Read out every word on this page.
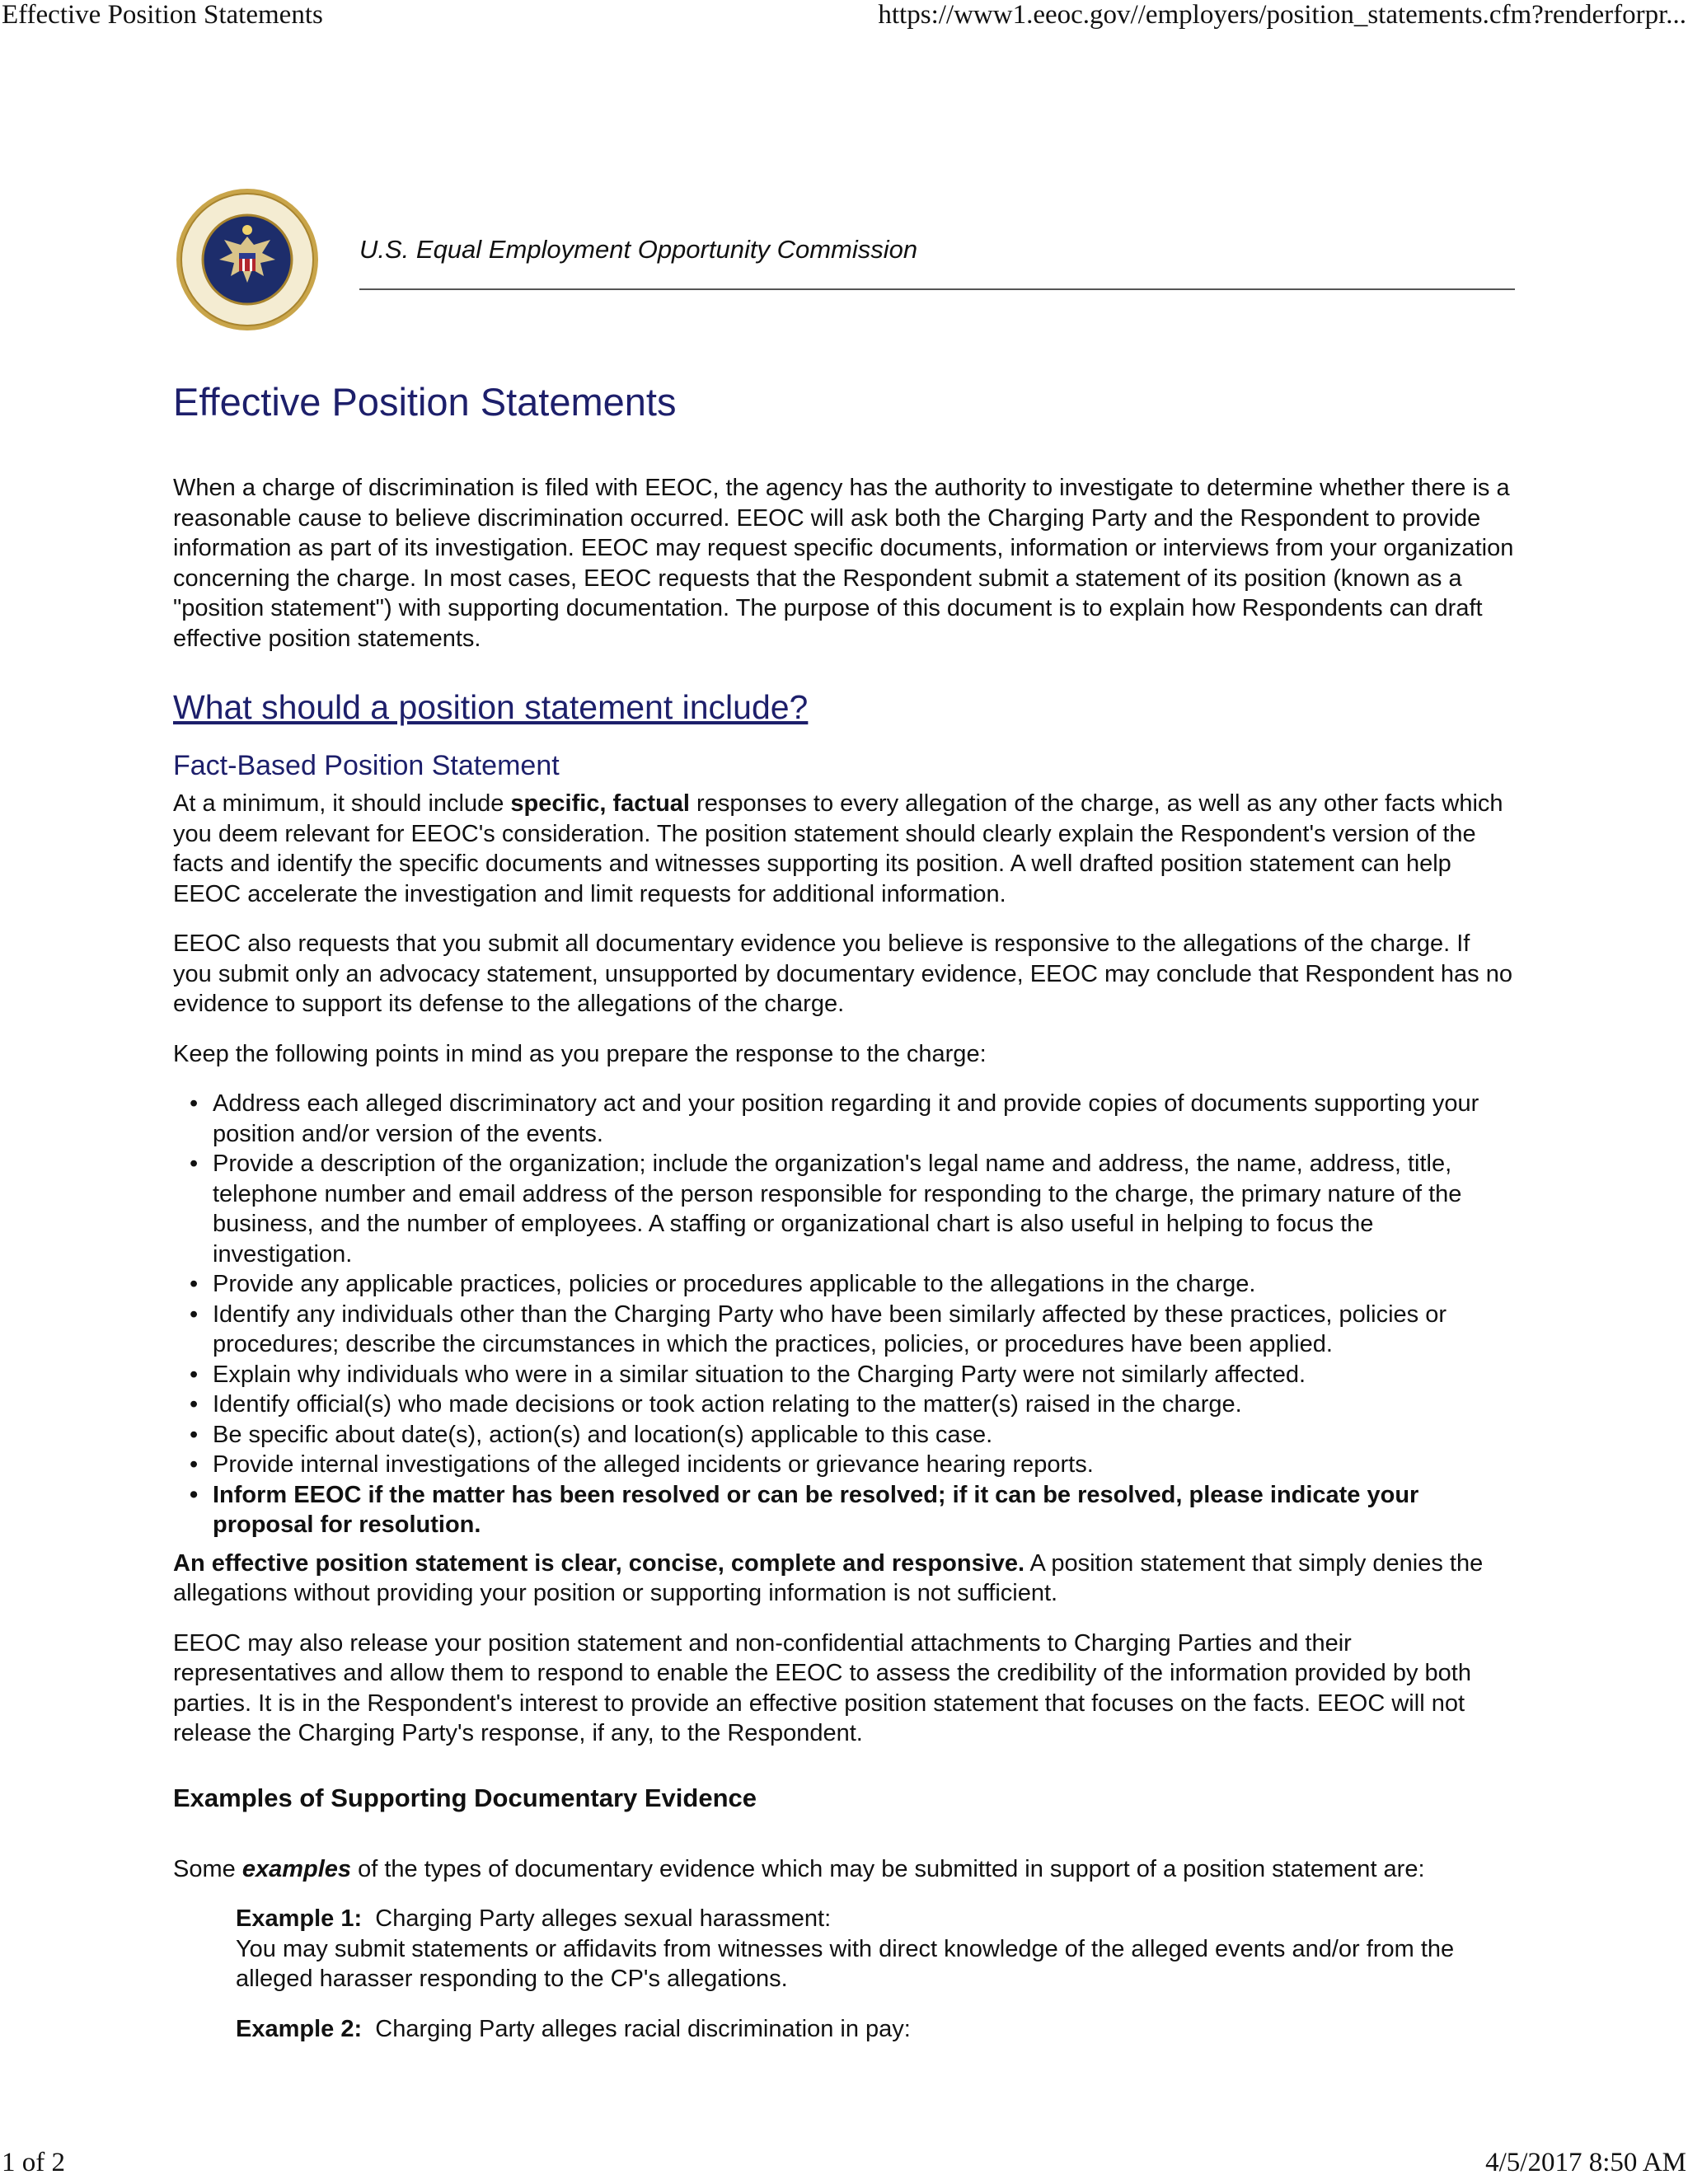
Effective Position Statements	https://www1.eeoc.gov//employers/position_statements.cfm?renderforpr...
U.S. Equal Employment Opportunity Commission
Effective Position Statements

When a charge of discrimination is filed with EEOC, the agency has the authority to investigate to determine whether there is a reasonable cause to believe discrimination occurred. EEOC will ask both the Charging Party and the Respondent to provide information as part of its investigation. EEOC may request specific documents, information or interviews from your organization concerning the charge. In most cases, EEOC requests that the Respondent submit a statement of its position (known as a "position statement") with supporting documentation. The purpose of this document is to explain how Respondents can draft effective position statements.

What should a position statement include?
Fact-Based Position Statement

At a minimum, it should include specific, factual responses to every allegation of the charge, as well as any other facts which you deem relevant for EEOC's consideration. The position statement should clearly explain the Respondent's version of the facts and identify the specific documents and witnesses supporting its position. A well drafted position statement can help EEOC accelerate the investigation and limit requests for additional information.

EEOC also requests that you submit all documentary evidence you believe is responsive to the allegations of the charge. If you submit only an advocacy statement, unsupported by documentary evidence, EEOC may conclude that Respondent has no evidence to support its defense to the allegations of the charge.

Keep the following points in mind as you prepare the response to the charge:

• Address each alleged discriminatory act and your position regarding it and provide copies of documents supporting your position and/or version of the events.
• Provide a description of the organization; include the organization's legal name and address, the name, address, title, telephone number and email address of the person responsible for responding to the charge, the primary nature of the business, and the number of employees. A staffing or organizational chart is also useful in helping to focus the investigation.
• Provide any applicable practices, policies or procedures applicable to the allegations in the charge.
• Identify any individuals other than the Charging Party who have been similarly affected by these practices, policies or procedures; describe the circumstances in which the practices, policies, or procedures have been applied.
• Explain why individuals who were in a similar situation to the Charging Party were not similarly affected.
• Identify official(s) who made decisions or took action relating to the matter(s) raised in the charge.
• Be specific about date(s), action(s) and location(s) applicable to this case.
• Provide internal investigations of the alleged incidents or grievance hearing reports.
• Inform EEOC if the matter has been resolved or can be resolved; if it can be resolved, please indicate your proposal for resolution.

An effective position statement is clear, concise, complete and responsive. A position statement that simply denies the allegations without providing your position or supporting information is not sufficient.

EEOC may also release your position statement and non-confidential attachments to Charging Parties and their representatives and allow them to respond to enable the EEOC to assess the credibility of the information provided by both parties. It is in the Respondent's interest to provide an effective position statement that focuses on the facts. EEOC will not release the Charging Party's response, if any, to the Respondent.

Examples of Supporting Documentary Evidence

Some examples of the types of documentary evidence which may be submitted in support of a position statement are:

Example 1:  Charging Party alleges sexual harassment:
You may submit statements or affidavits from witnesses with direct knowledge of the alleged events and/or from the alleged harasser responding to the CP's allegations.
Example 2:  Charging Party alleges racial discrimination in pay:
1 of 2	4/5/2017 8:50 AM
